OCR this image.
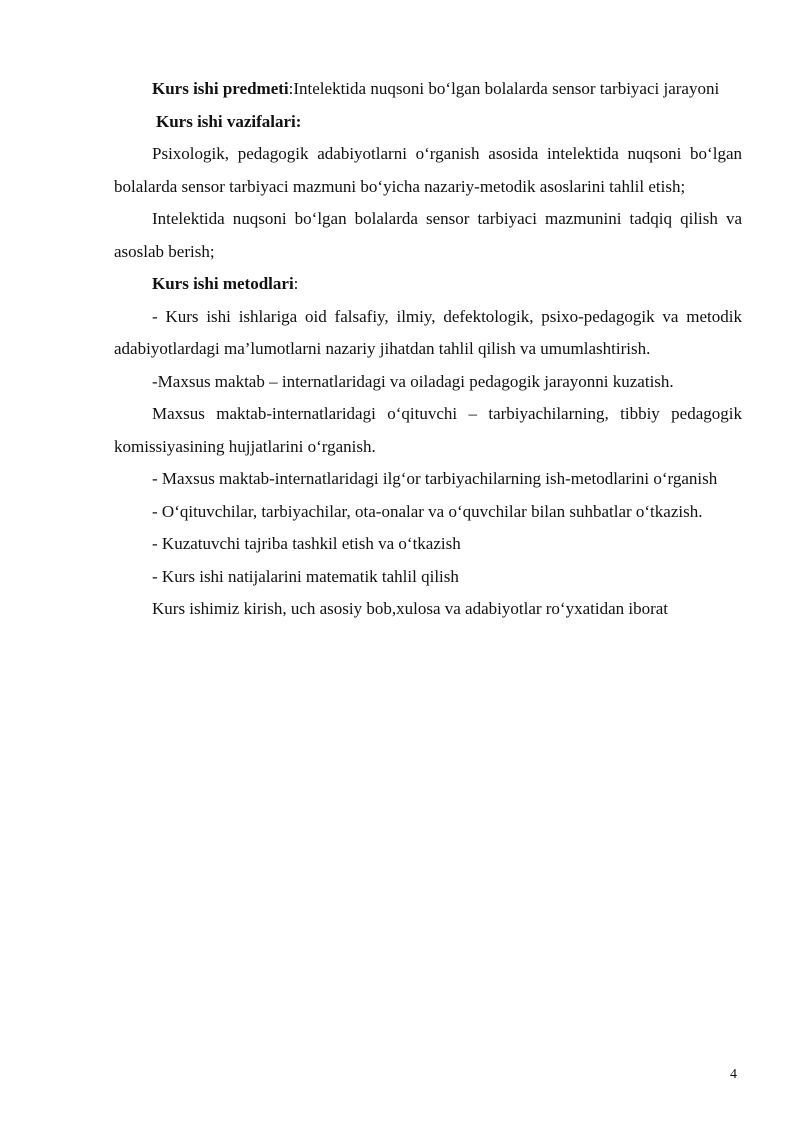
Kurs ishi predmeti:Intelektida nuqsoni bo‘lgan bolalarda sensor tarbiyaci jarayoni

Kurs ishi vazifalari:

Psixologik, pedagogik adabiyotlarni o‘rganish asosida intelektida nuqsoni bo‘lgan bolalarda sensor tarbiyaci mazmuni bo‘yicha nazariy-metodik asoslarini tahlil etish;

Intelektida nuqsoni bo‘lgan bolalarda sensor tarbiyaci mazmunini tadqiq qilish va asoslab berish;

Kurs ishi metodlari:

- Kurs ishi ishlariga oid falsafiy, ilmiy, defektologik, psixo-pedagogik va metodik adabiyotlardagi ma’lumotlarni nazariy jihatdan tahlil qilish va umumlashtirish.

-Maxsus maktab – internatlaridagi va oiladagi pedagogik jarayonni kuzatish.

Maxsus maktab-internatlaridagi o‘qituvchi – tarbiyachilarning, tibbiy pedagogik komissiyasining hujjatlarini o‘rganish.

- Maxsus maktab-internatlaridagi ilg‘or tarbiyachilarning ish-metodlarini o‘rganish

- O‘qituvchilar, tarbiyachilar, ota-onalar va o‘quvchilar bilan suhbatlar o‘tkazish.

- Kuzatuvchi tajriba tashkil etish va o‘tkazish

- Kurs ishi natijalarini matematik tahlil qilish

Kurs ishimiz kirish, uch asosiy bob,xulosa va adabiyotlar ro‘yxatidan iborat

4
